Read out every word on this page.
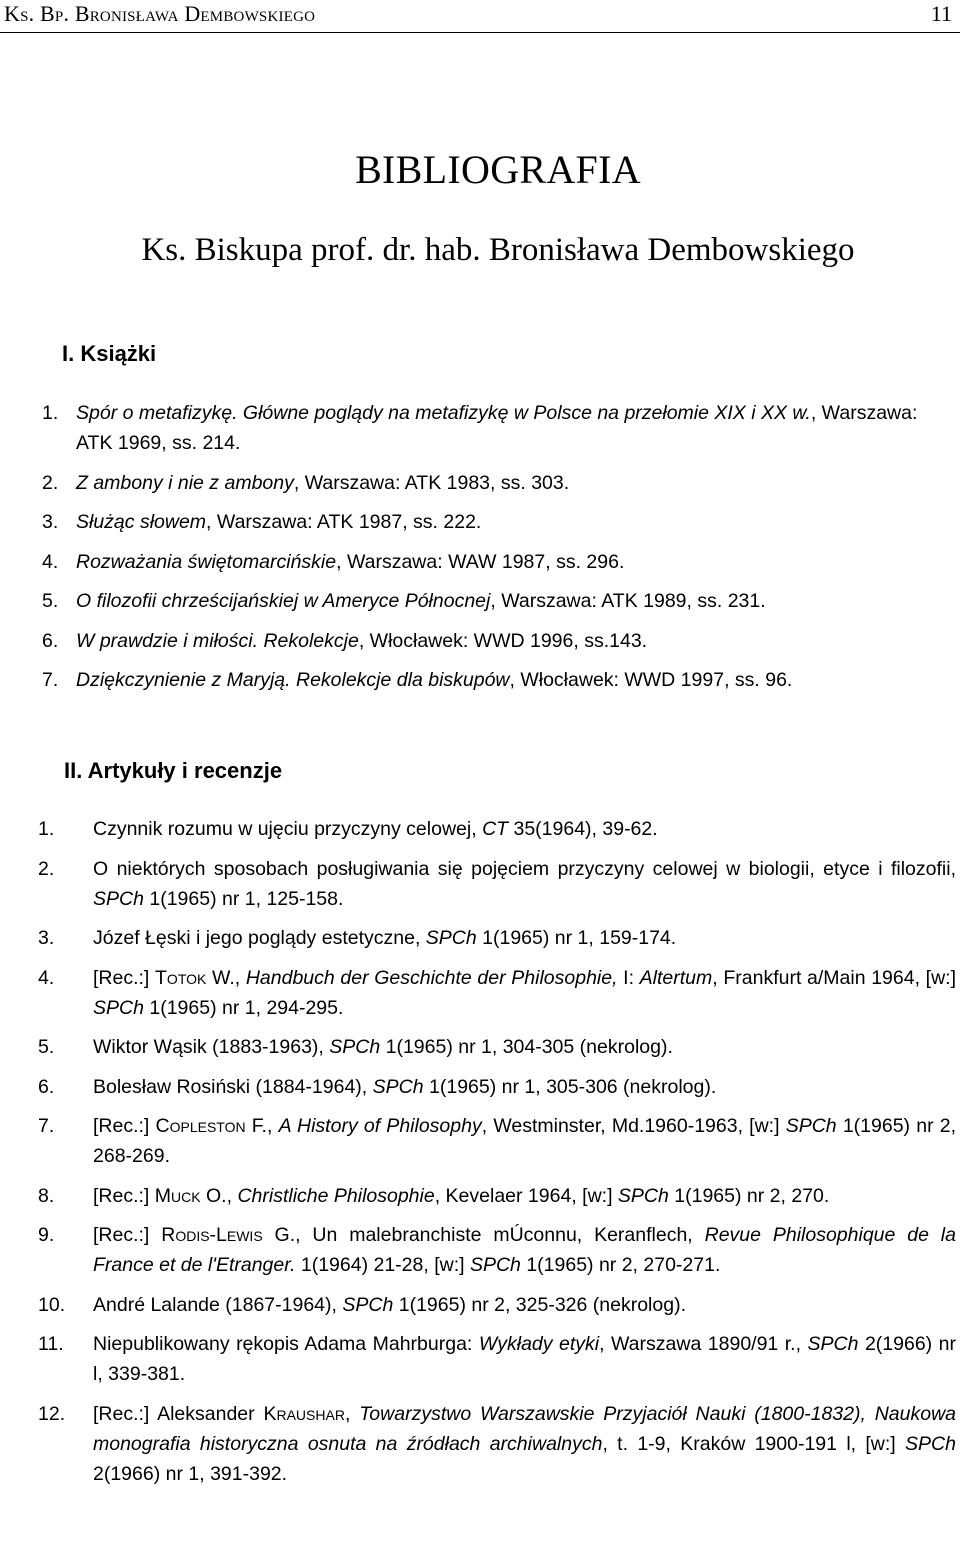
Ks. Bp. Bronisława Dembowskiego	11
BIBLIOGRAFIA
Ks. Biskupa prof. dr. hab. Bronisława Dembowskiego
I. Książki
1. Spór o metafizykę. Główne poglądy na metafizykę w Polsce na przełomie XIX i XX w., Warszawa: ATK 1969, ss. 214.
2. Z ambony i nie z ambony, Warszawa: ATK 1983, ss. 303.
3. Służąc słowem, Warszawa: ATK 1987, ss. 222.
4. Rozważania świętomarcińskie, Warszawa: WAW 1987, ss. 296.
5. O filozofii chrześcijańskiej w Ameryce Północnej, Warszawa: ATK 1989, ss. 231.
6. W prawdzie i miłości. Rekolekcje, Włocławek: WWD 1996, ss.143.
7. Dziękczynienie z Maryją. Rekolekcje dla biskupów, Włocławek: WWD 1997, ss. 96.
II. Artykuły i recenzje
1.	Czynnik rozumu w ujęciu przyczyny celowej, CT 35(1964), 39-62.
2.	O niektórych sposobach posługiwania się pojęciem przyczyny celowej w biologii, etyce i filozofii, SPCh 1(1965) nr 1, 125-158.
3.	Józef Łęski i jego poglądy estetyczne, SPCh 1(1965) nr 1, 159-174.
4.	[Rec.:] Totok W., Handbuch der Geschichte der Philosophie, I: Altertum, Frankfurt a/Main 1964, [w:] SPCh 1(1965) nr 1, 294-295.
5.	Wiktor Wąsik (1883-1963), SPCh 1(1965) nr 1, 304-305 (nekrolog).
6.	Bolesław Rosiński (1884-1964), SPCh 1(1965) nr 1, 305-306 (nekrolog).
7.	[Rec.:] Copleston F., A History of Philosophy, Westminster, Md.1960-1963, [w:] SPCh 1(1965) nr 2, 268-269.
8.	[Rec.:] Muck O., Christliche Philosophie, Kevelaer 1964, [w:] SPCh 1(1965) nr 2, 270.
9.	[Rec.:] Rodis-Lewis G., Un malebranchiste mÚconnu, Keranflech, Revue Philosophique de la France et de l'Etranger. 1(1964) 21-28, [w:] SPCh 1(1965) nr 2, 270-271.
10.	André Lalande (1867-1964), SPCh 1(1965) nr 2, 325-326 (nekrolog).
11.	Niepublikowany rękopis Adama Mahrburga: Wykłady etyki, Warszawa 1890/91 r., SPCh 2(1966) nr l, 339-381.
12.	[Rec.:] Aleksander Kraushar, Towarzystwo Warszawskie Przyjaciół Nauki (1800-1832), Naukowa monografia historyczna osnuta na źródłach archiwalnych, t. 1-9, Kraków 1900-191 l, [w:] SPCh 2(1966) nr 1, 391-392.
